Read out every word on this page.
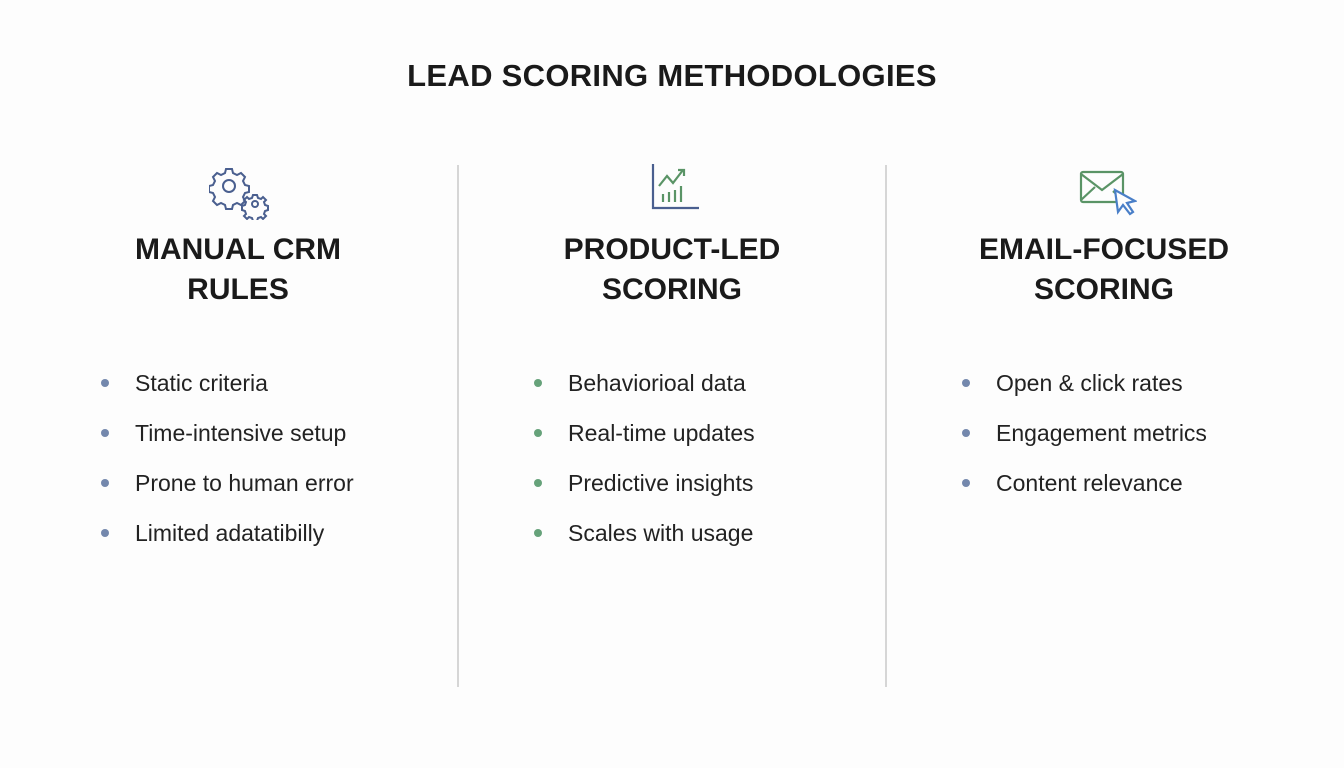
LEAD SCORING METHODOLOGIES
MANUAL CRM
RULES
Static criteria
Time-intensive setup
Prone to human error
Limited adatatibilly
PRODUCT-LED
SCORING
Behaviorioal data
Real-time updates
Predictive insights
Scales with usage
EMAIL-FOCUSED
SCORING
Open & click rates
Engagement metrics
Content relevance
